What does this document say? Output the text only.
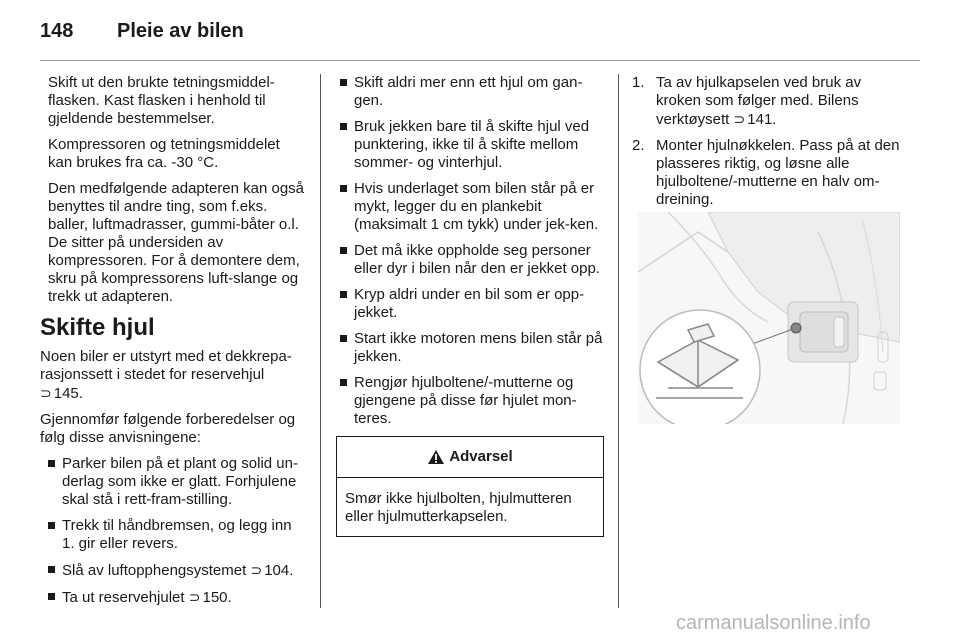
148 Pleie av bilen

Skift ut den brukte tetningsmiddel-flasken. Kast flasken i henhold til gjeldende bestemmelser.

Kompressoren og tetningsmiddelet kan brukes fra ca. -30 °C.

Den medfølgende adapteren kan også benyttes til andre ting, som f.eks. baller, luftmadrasser, gummi-båter o.l. De sitter på undersiden av kompressoren. For å demontere dem, skru på kompressorens luft-slange og trekk ut adapteren.

Skifte hjul

Noen biler er utstyrt med et dekkrepa-rasjonssett i stedet for reservehjul
⊃ 145.

Gjennomfør følgende forberedelser og følg disse anvisningene:

Parker bilen på et plant og solid un-derlag som ikke er glatt. Forhjulene skal stå i rett-fram-stilling.
Trekk til håndbremsen, og legg inn 1. gir eller revers.
Slå av luftopphengsystemet ⊃ 104.
Ta ut reservehjulet ⊃ 150.
Skift aldri mer enn ett hjul om gan-gen.
Bruk jekken bare til å skifte hjul ved punktering, ikke til å skifte mellom sommer- og vinterhjul.
Hvis underlaget som bilen står på er mykt, legger du en plankebit (maksimalt 1 cm tykk) under jek-ken.
Det må ikke oppholde seg personer eller dyr i bilen når den er jekket opp.
Kryp aldri under en bil som er opp-jekket.
Start ikke motoren mens bilen står på jekken.
Rengjør hjulboltene/-mutterne og gjengene på disse før hjulet mon-teres.
Advarsel
Smør ikke hjulbolten, hjulmutteren eller hjulmutterkapselen.
1. Ta av hjulkapselen ved bruk av kroken som følger med. Bilens verktøysett ⊃ 141.
2. Monter hjulnøkkelen. Pass på at den plasseres riktig, og løsne alle hjulboltene/-mutterne en halv om-dreining.
carmanualsonline.info
